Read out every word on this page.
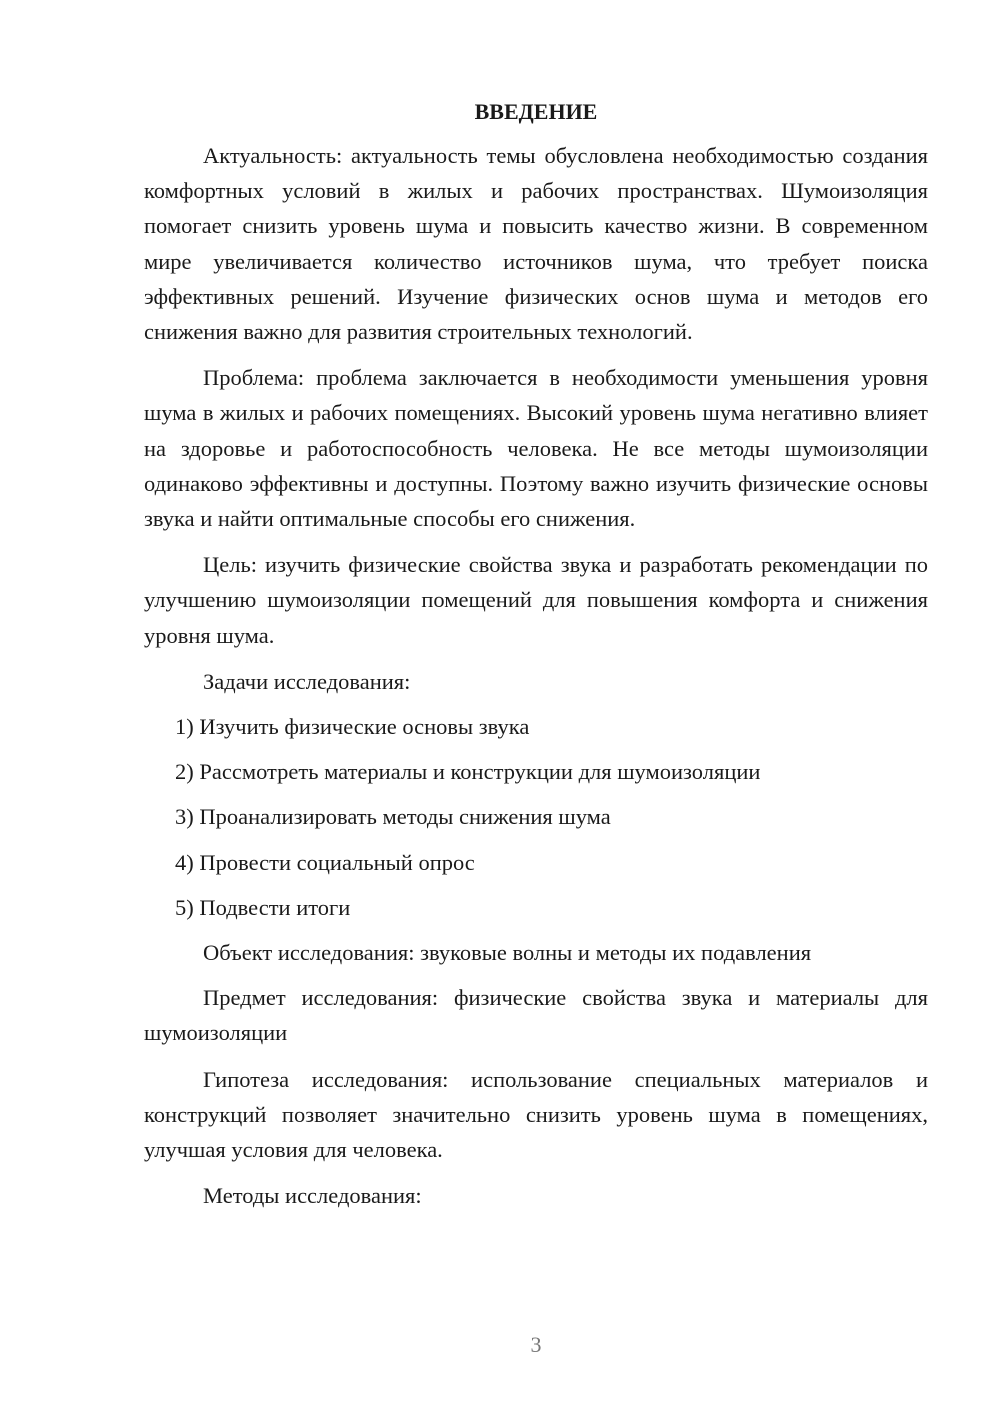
ВВЕДЕНИЕ

Актуальность: актуальность темы обусловлена необходимостью создания комфортных условий в жилых и рабочих пространствах. Шумоизоляция помогает снизить уровень шума и повысить качество жизни. В современном мире увеличивается количество источников шума, что требует поиска эффективных решений. Изучение физических основ шума и методов его снижения важно для развития строительных технологий.

Проблема: проблема заключается в необходимости уменьшения уровня шума в жилых и рабочих помещениях. Высокий уровень шума негативно влияет на здоровье и работоспособность человека. Не все методы шумоизоляции одинаково эффективны и доступны. Поэтому важно изучить физические основы звука и найти оптимальные способы его снижения.

Цель: изучить физические свойства звука и разработать рекомендации по улучшению шумоизоляции помещений для повышения комфорта и снижения уровня шума.

Задачи исследования:

1) Изучить физические основы звука
2) Рассмотреть материалы и конструкции для шумоизоляции
3) Проанализировать методы снижения шума
4) Провести социальный опрос
5) Подвести итоги

Объект исследования: звуковые волны и методы их подавления

Предмет исследования: физические свойства звука и материалы для шумоизоляции

Гипотеза исследования: использование специальных материалов и конструкций позволяет значительно снизить уровень шума в помещениях, улучшая условия для человека.

Методы исследования:

3
